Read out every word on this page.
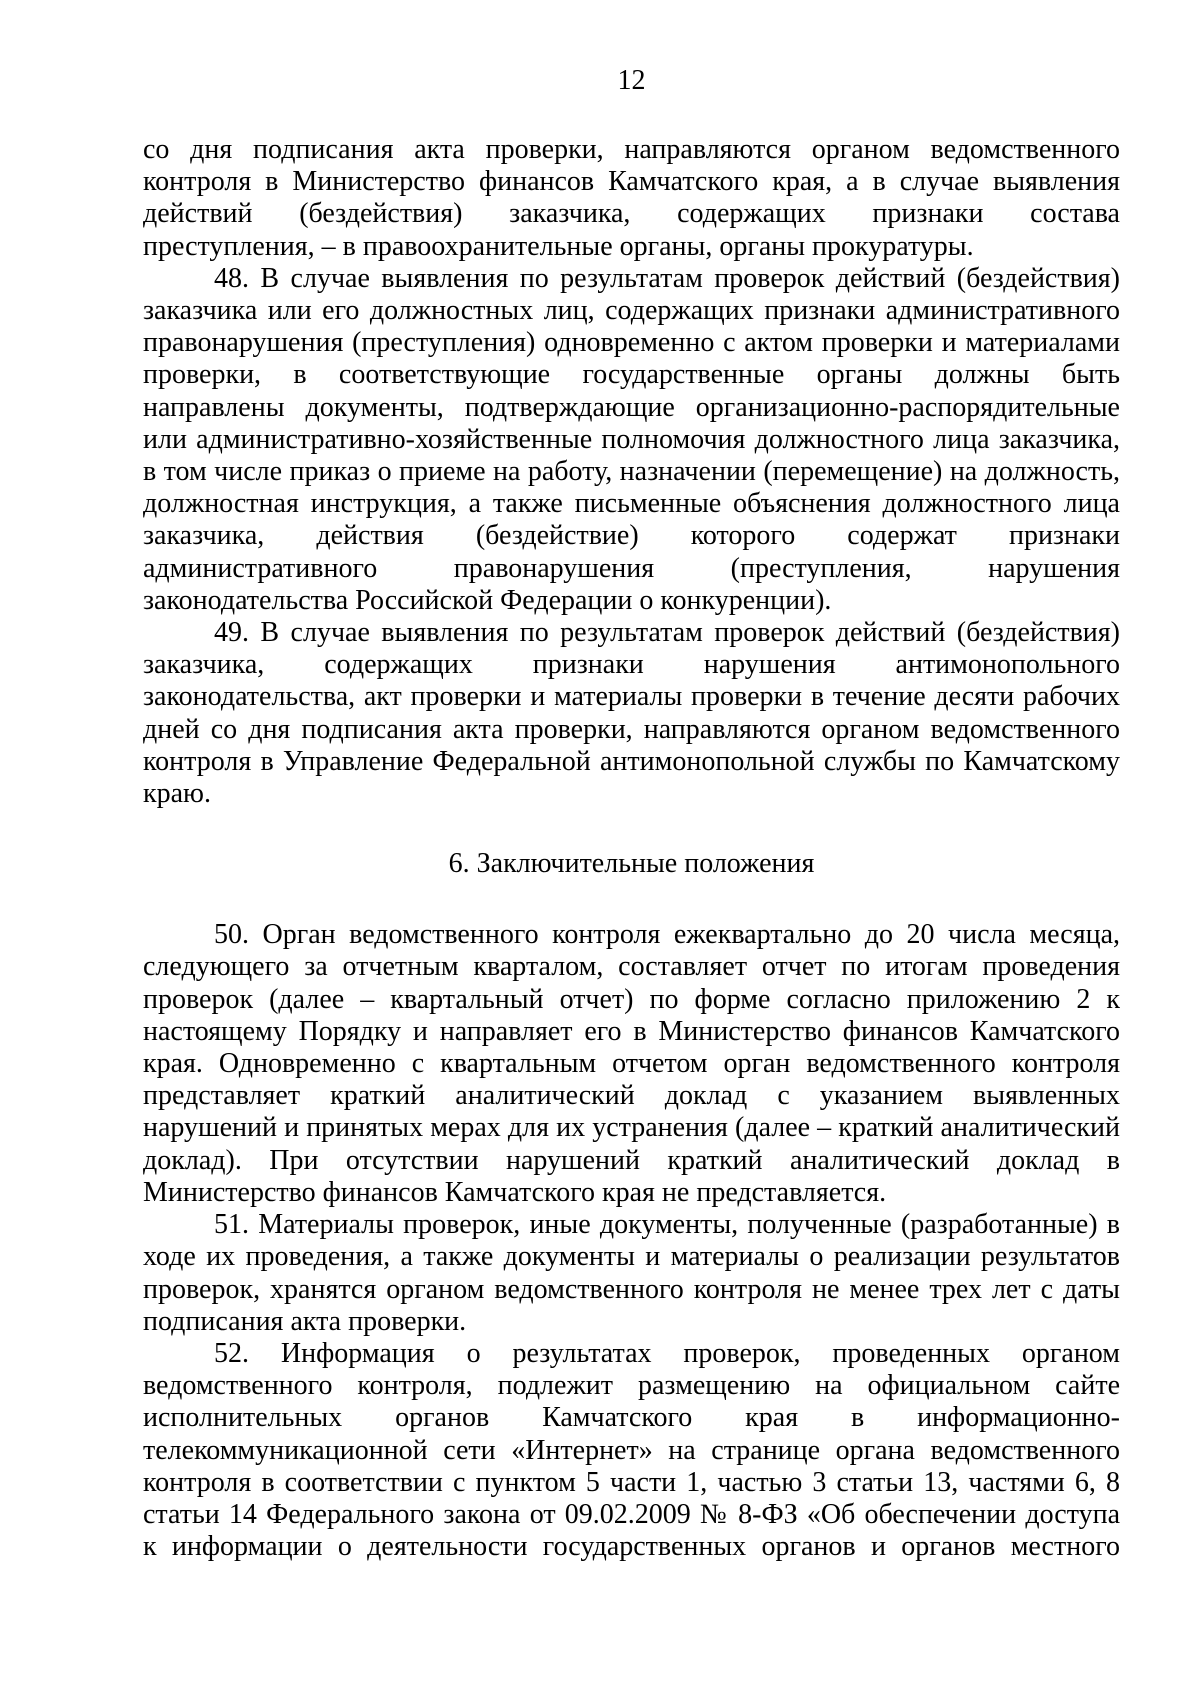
12
со дня подписания акта проверки, направляются органом ведомственного
контроля в Министерство финансов Камчатского края, а в случае выявления
действий (бездействия) заказчика, содержащих признаки состава
преступления, – в правоохранительные органы, органы прокуратуры.
48. В случае выявления по результатам проверок действий (бездействия)
заказчика или его должностных лиц, содержащих признаки административного
правонарушения (преступления) одновременно с актом проверки и материалами
проверки, в соответствующие государственные органы должны быть
направлены документы, подтверждающие организационно-распорядительные
или административно-хозяйственные полномочия должностного лица заказчика,
в том числе приказ о приеме на работу, назначении (перемещение) на должность,
должностная инструкция, а также письменные объяснения должностного лица
заказчика, действия (бездействие) которого содержат признаки
административного правонарушения (преступления, нарушения
законодательства Российской Федерации о конкуренции).
49. В случае выявления по результатам проверок действий (бездействия)
заказчика, содержащих признаки нарушения антимонопольного
законодательства, акт проверки и материалы проверки в течение десяти рабочих
дней со дня подписания акта проверки, направляются органом ведомственного
контроля в Управление Федеральной антимонопольной службы по Камчатскому
краю.
6. Заключительные положения
50. Орган ведомственного контроля ежеквартально до 20 числа месяца,
следующего за отчетным кварталом, составляет отчет по итогам проведения
проверок (далее – квартальный отчет) по форме согласно приложению 2 к
настоящему Порядку и направляет его в Министерство финансов Камчатского
края. Одновременно с квартальным отчетом орган ведомственного контроля
представляет краткий аналитический доклад с указанием выявленных
нарушений и принятых мерах для их устранения (далее – краткий аналитический
доклад). При отсутствии нарушений краткий аналитический доклад в
Министерство финансов Камчатского края не представляется.
51. Материалы проверок, иные документы, полученные (разработанные) в
ходе их проведения, а также документы и материалы о реализации результатов
проверок, хранятся органом ведомственного контроля не менее трех лет с даты
подписания акта проверки.
52. Информация о результатах проверок, проведенных органом
ведомственного контроля, подлежит размещению на официальном сайте
исполнительных органов Камчатского края в информационно-
телекоммуникационной сети «Интернет» на странице органа ведомственного
контроля в соответствии с пунктом 5 части 1, частью 3 статьи 13, частями 6, 8
статьи 14 Федерального закона от 09.02.2009 № 8-ФЗ «Об обеспечении доступа
к информации о деятельности государственных органов и органов местного
